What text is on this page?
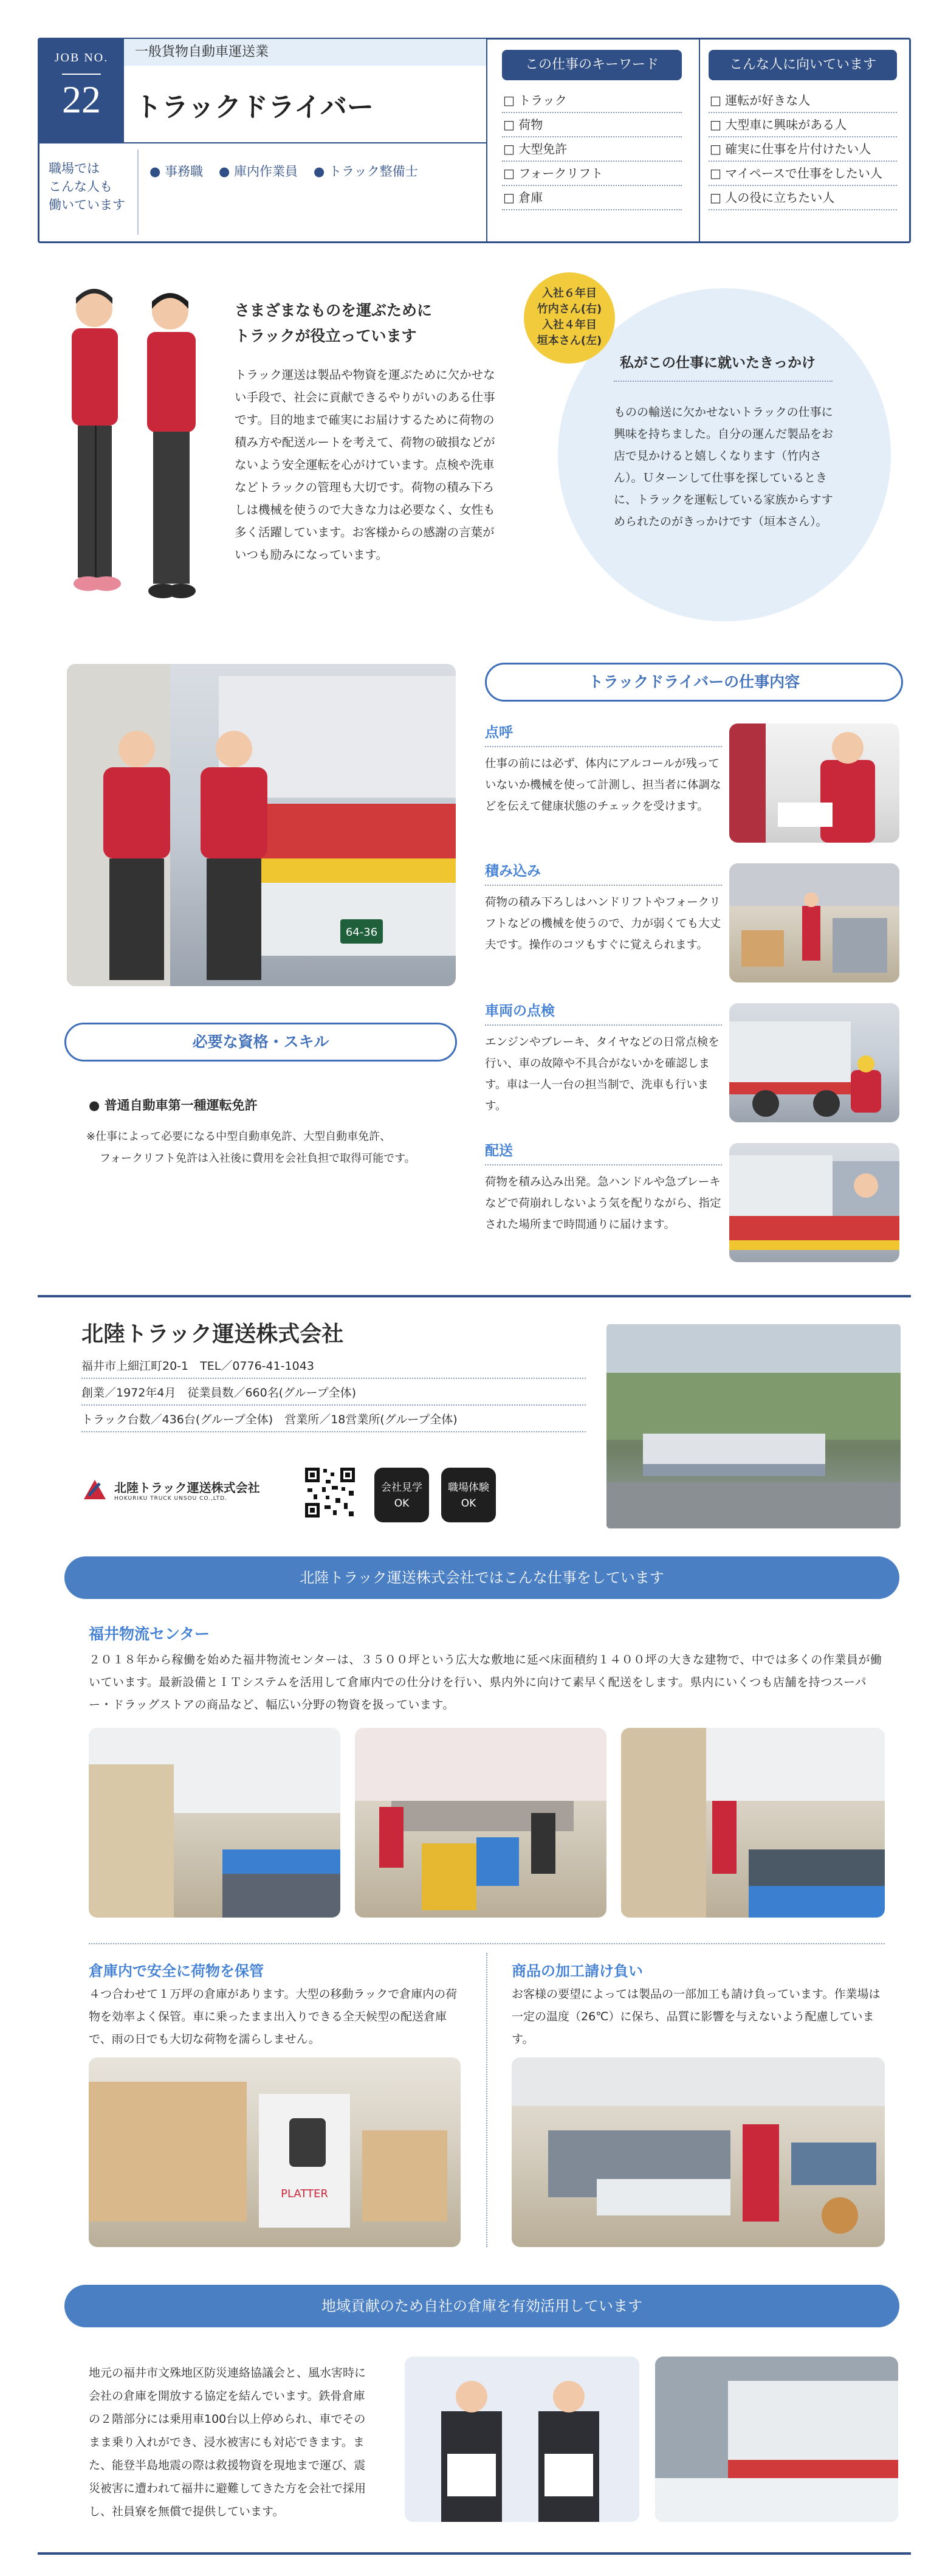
JOB NO.
22
一般貨物自動車運送業
トラックドライバー
職場では
こんな人も
働いています
● 事務職 ● 庫内作業員 ● トラック整備士
この仕事のキーワード
□ トラック
□ 荷物
□ 大型免許
□ フォークリフト
□ 倉庫
こんな人に向いています
□ 運転が好きな人
□ 大型車に興味がある人
□ 確実に仕事を片付けたい人
□ マイペースで仕事をしたい人
□ 人の役に立ちたい人
さまざまなものを運ぶために
トラックが役立っています
トラック運送は製品や物資を運ぶために欠かせない手段で、社会に貢献できるやりがいのある仕事です。目的地まで確実にお届けするために荷物の積み方や配送ルートを考えて、荷物の破損などがないよう安全運転を心がけています。点検や洗車などトラックの管理も大切です。荷物の積み下ろしは機械を使うので大きな力は必要なく、女性も多く活躍しています。お客様からの感謝の言葉がいつも励みになっています。
入社６年目
竹内さん(右)
入社４年目
垣本さん(左)
私がこの仕事に就いたきっかけ
ものの輸送に欠かせないトラックの仕事に興味を持ちました。自分の運んだ製品をお店で見かけると嬉しくなります（竹内さん）。Ｕターンして仕事を探しているときに、トラックを運転している家族からすすめられたのがきっかけです（垣本さん）。
64-36
トラックドライバーの仕事内容
点呼
仕事の前には必ず、体内にアルコールが残っていないか機械を使って計測し、担当者に体調などを伝えて健康状態のチェックを受けます。
積み込み
荷物の積み下ろしはハンドリフトやフォークリフトなどの機械を使うので、力が弱くても大丈夫です。操作のコツもすぐに覚えられます。
車両の点検
エンジンやブレーキ、タイヤなどの日常点検を行い、車の故障や不具合がないかを確認します。車は一人一台の担当制で、洗車も行います。
配送
荷物を積み込み出発。急ハンドルや急ブレーキなどで荷崩れしないよう気を配りながら、指定された場所まで時間通りに届けます。
必要な資格・スキル
● 普通自動車第一種運転免許
※仕事によって必要になる中型自動車免許、大型自動車免許、
フォークリフト免許は入社後に費用を会社負担で取得可能です。
北陸トラック運送株式会社
福井市上細江町20-1　TEL／0776-41-1043
創業／1972年4月　従業員数／660名(グループ全体)
トラック台数／436台(グループ全体)　営業所／18営業所(グループ全体)
北陸トラック運送株式会社
HOKURIKU TRUCK UNSOU CO.,LTD.
会社見学
OK
職場体験
OK
北陸トラック運送株式会社ではこんな仕事をしています
福井物流センター
２０１８年から稼働を始めた福井物流センターは、３５００坪という広大な敷地に延べ床面積約１４００坪の大きな建物で、中では多くの作業員が働いています。最新設備とＩＴシステムを活用して倉庫内での仕分けを行い、県内外に向けて素早く配送をします。県内にいくつも店舗を持つスーパー・ドラッグストアの商品など、幅広い分野の物資を扱っています。
倉庫内で安全に荷物を保管
４つ合わせて１万坪の倉庫があります。大型の移動ラックで倉庫内の荷物を効率よく保管。車に乗ったまま出入りできる全天候型の配送倉庫で、雨の日でも大切な荷物を濡らしません。
PLATTER
商品の加工請け負い
お客様の要望によっては製品の一部加工も請け負っています。作業場は一定の温度（26℃）に保ち、品質に影響を与えないよう配慮しています。
地域貢献のため自社の倉庫を有効活用しています
地元の福井市文殊地区防災連絡協議会と、風水害時に会社の倉庫を開放する協定を結んでいます。鉄骨倉庫の２階部分には乗用車100台以上停められ、車でそのまま乗り入れができ、浸水被害にも対応できます。また、能登半島地震の際は救援物資を現地まで運び、震災被害に遭われて福井に避難してきた方を会社で採用し、社員寮を無償で提供しています。
